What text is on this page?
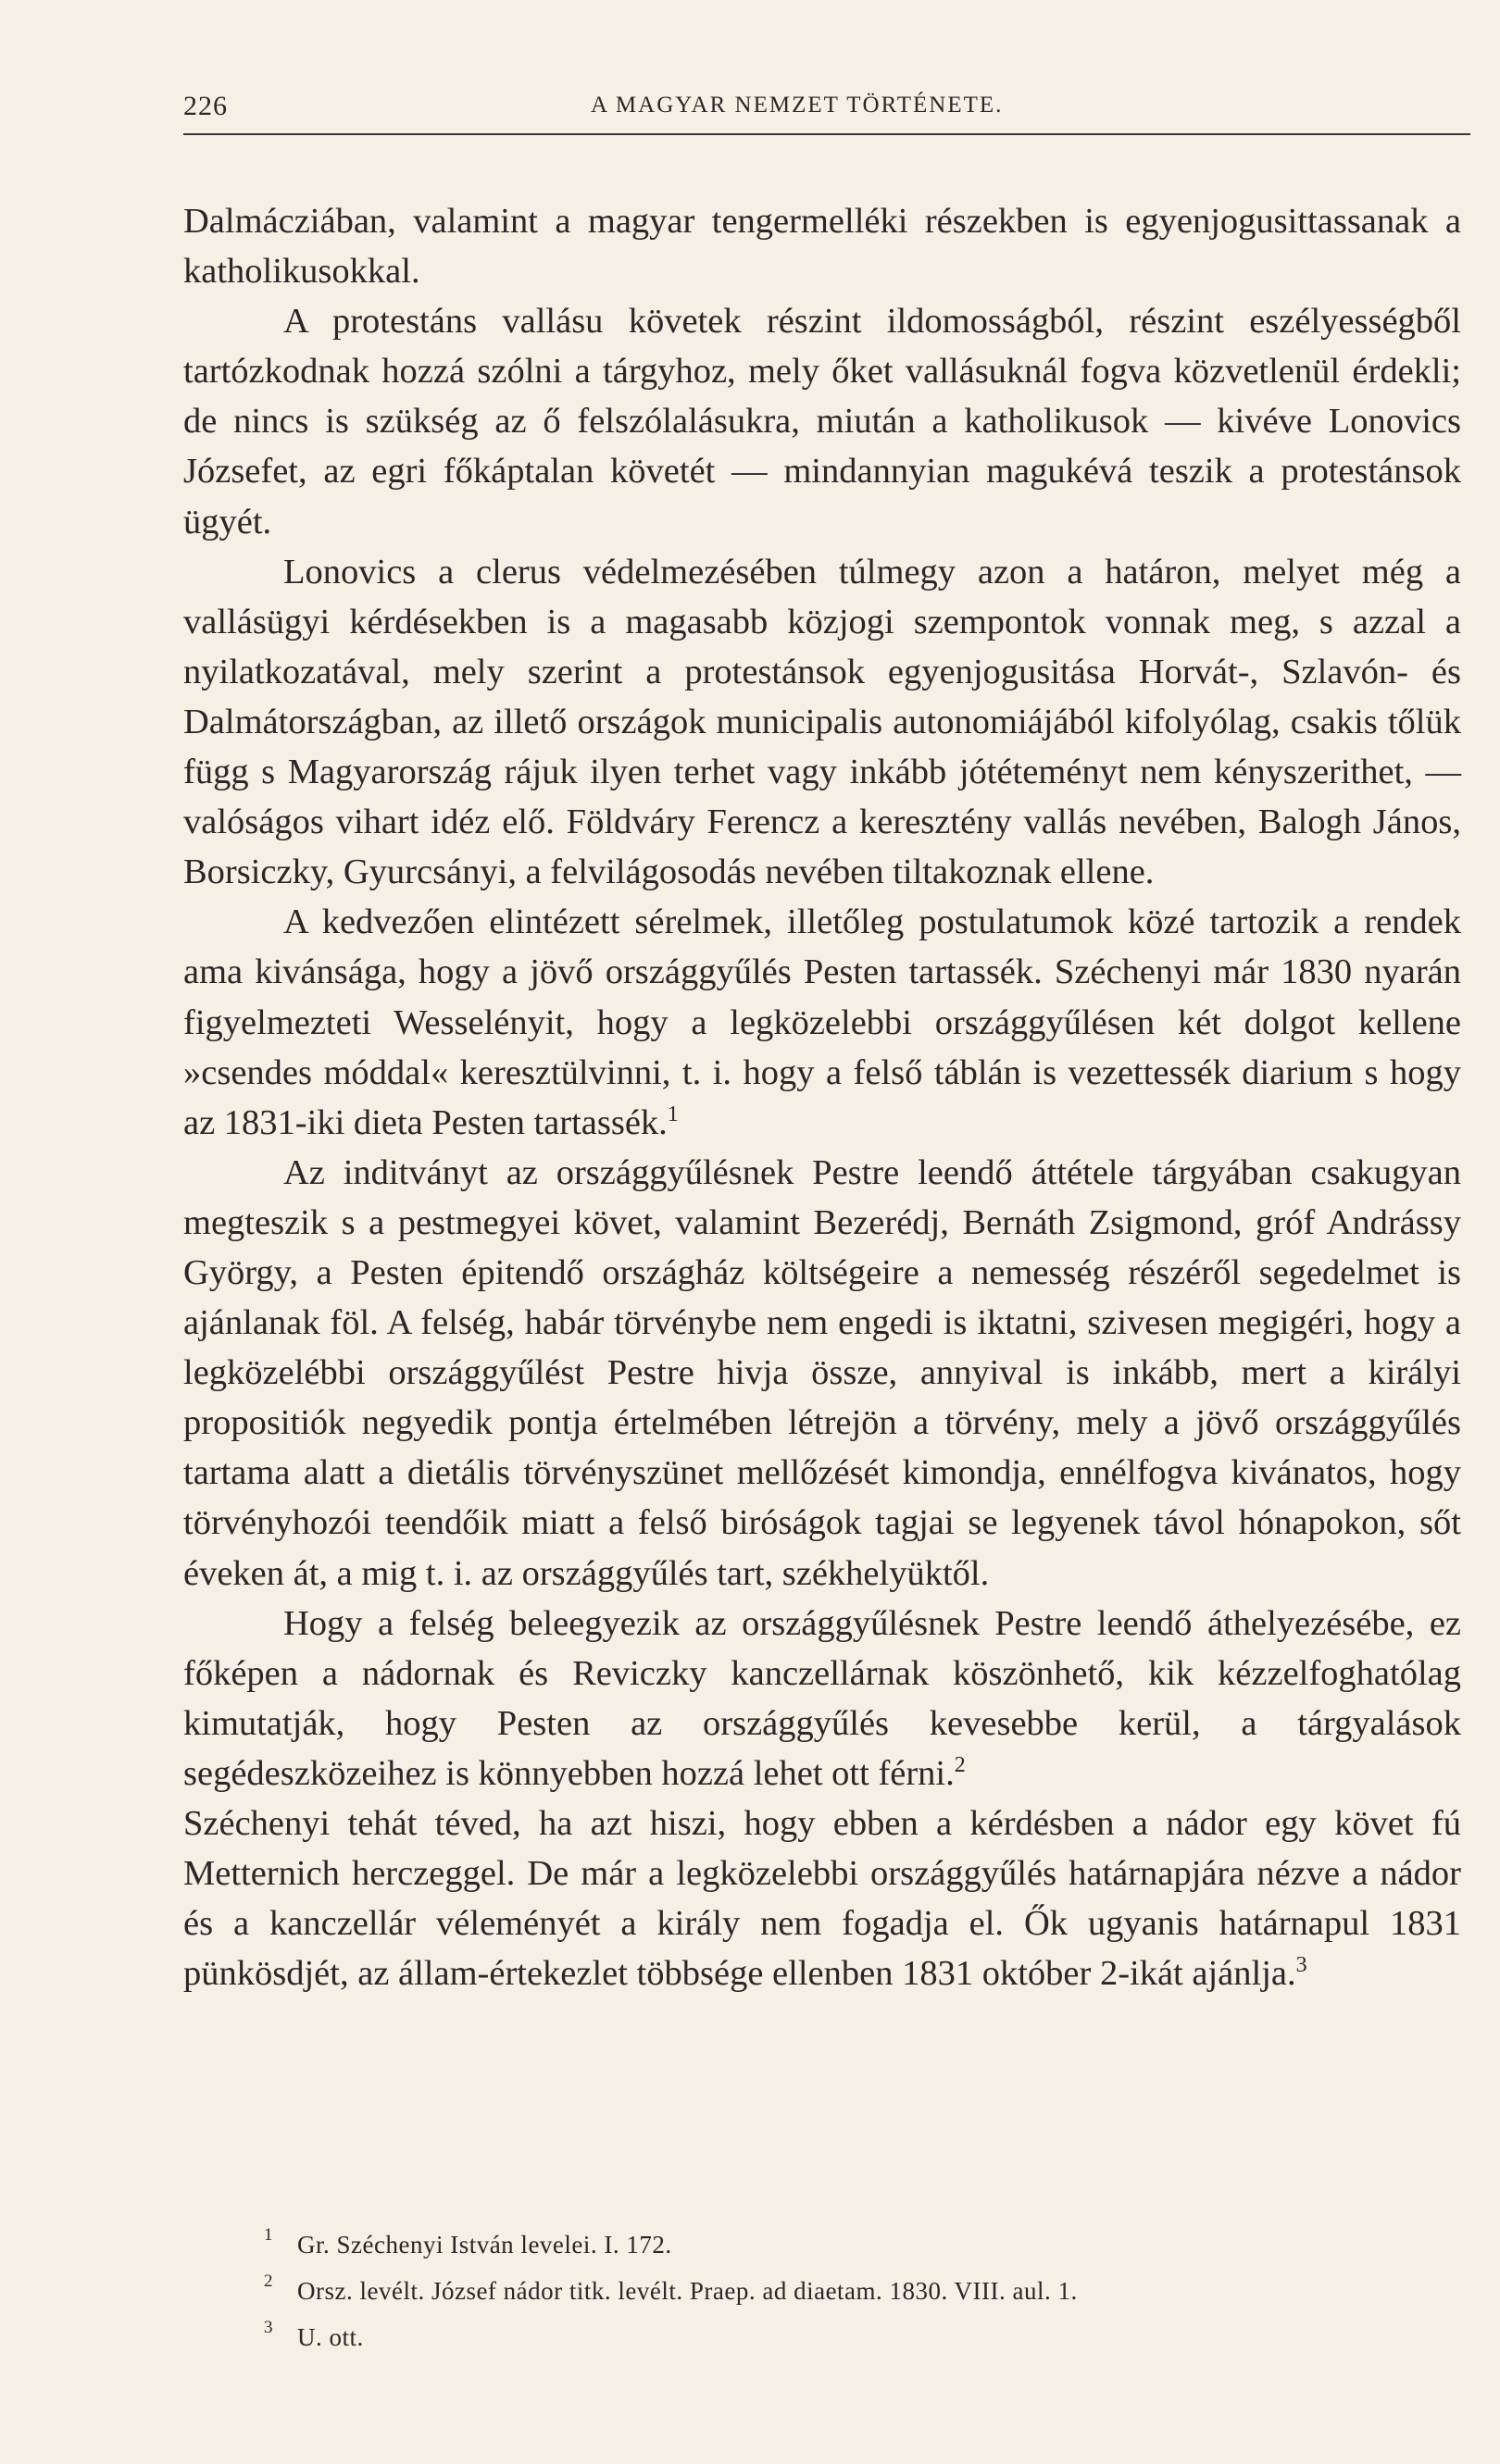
226	A MAGYAR NEMZET TÖRTÉNETE.

Dalmácziában, valamint a magyar tengermelléki részekben is egyenjogusittassanak a katholikusokkal.

A protestáns vallásu követek részint ildomosságból, részint eszélyességből tartózkodnak hozzá szólni a tárgyhoz, mely őket vallásuknál fogva közvetlenül érdekli; de nincs is szükség az ő felszólalásukra, miután a katholikusok — kivéve Lonovics Józsefet, az egri főkáptalan követét — mindannyian magukévá teszik a protestánsok ügyét.

Lonovics a clerus védelmezésében túlmegy azon a határon, melyet még a vallásügyi kérdésekben is a magasabb közjogi szempontok vonnak meg, s azzal a nyilatkozatával, mely szerint a protestánsok egyenjogusitása Horvát-, Szlavón- és Dalmátországban, az illető országok municipalis autonomiájából kifolyólag, csakis tőlük függ s Magyarország rájuk ilyen terhet vagy inkább jótéteményt nem kényszerithet, — valóságos vihart idéz elő. Földváry Ferencz a keresztény vallás nevében, Balogh János, Borsiczky, Gyurcsányi, a felvilágosodás nevében tiltakoznak ellene.

A kedvezően elintézett sérelmek, illetőleg postulatumok közé tartozik a rendek ama kivánsága, hogy a jövő országgyűlés Pesten tartassék. Széchenyi már 1830 nyarán figyelmezteti Wesselényit, hogy a legközelebbi országgyűlésen két dolgot kellene »csendes móddal« keresztülvinni, t. i. hogy a felső táblán is vezettessék diarium s hogy az 1831-iki dieta Pesten tartassék.$^1$

Az inditványt az országgyűlésnek Pestre leendő áttétele tárgyában csakugyan megteszik s a pestmegyei követ, valamint Bezerédj, Bernáth Zsigmond, gróf Andrássy György, a Pesten épitendő országház költségeire a nemesség részéről segedelmet is ajánlanak föl. A felség, habár törvénybe nem engedi is iktatni, szivesen megigéri, hogy a legközelébbi országgyűlést Pestre hivja össze, annyival is inkább, mert a királyi propositiók negyedik pontja értelmében létrejön a törvény, mely a jövő országgyűlés tartama alatt a dietális törvényszünet mellőzését kimondja, ennélfogva kivánatos, hogy törvényhozói teendőik miatt a felső biróságok tagjai se legyenek távol hónapokon, sőt éveken át, a mig t. i. az országgyűlés tart, székhelyüktől.

Hogy a felség beleegyezik az országgyűlésnek Pestre leendő áthelyezésébe, ez főképen a nádornak és Reviczky kanczellárnak köszönhető, kik kézzelfoghatólag kimutatják, hogy Pesten az országgyűlés kevesebbe kerül, a tárgyalások segédeszközeihez is könnyebben hozzá lehet ott férni.$^2$

Széchenyi tehát téved, ha azt hiszi, hogy ebben a kérdésben a nádor egy követ fú Metternich herczeggel. De már a legközelebbi országgyűlés határnapjára nézve a nádor és a kanczellár véleményét a király nem fogadja el. Ők ugyanis határnapul 1831 pünkösdjét, az állam-értekezlet többsége ellenben 1831 október 2-ikát ajánlja.$^3$

1 Gr. Széchenyi István levelei. I. 172.
2 Orsz. levélt. József nádor titk. levélt. Praep. ad diaetam. 1830. VIII. aul. 1.
3 U. ott.
